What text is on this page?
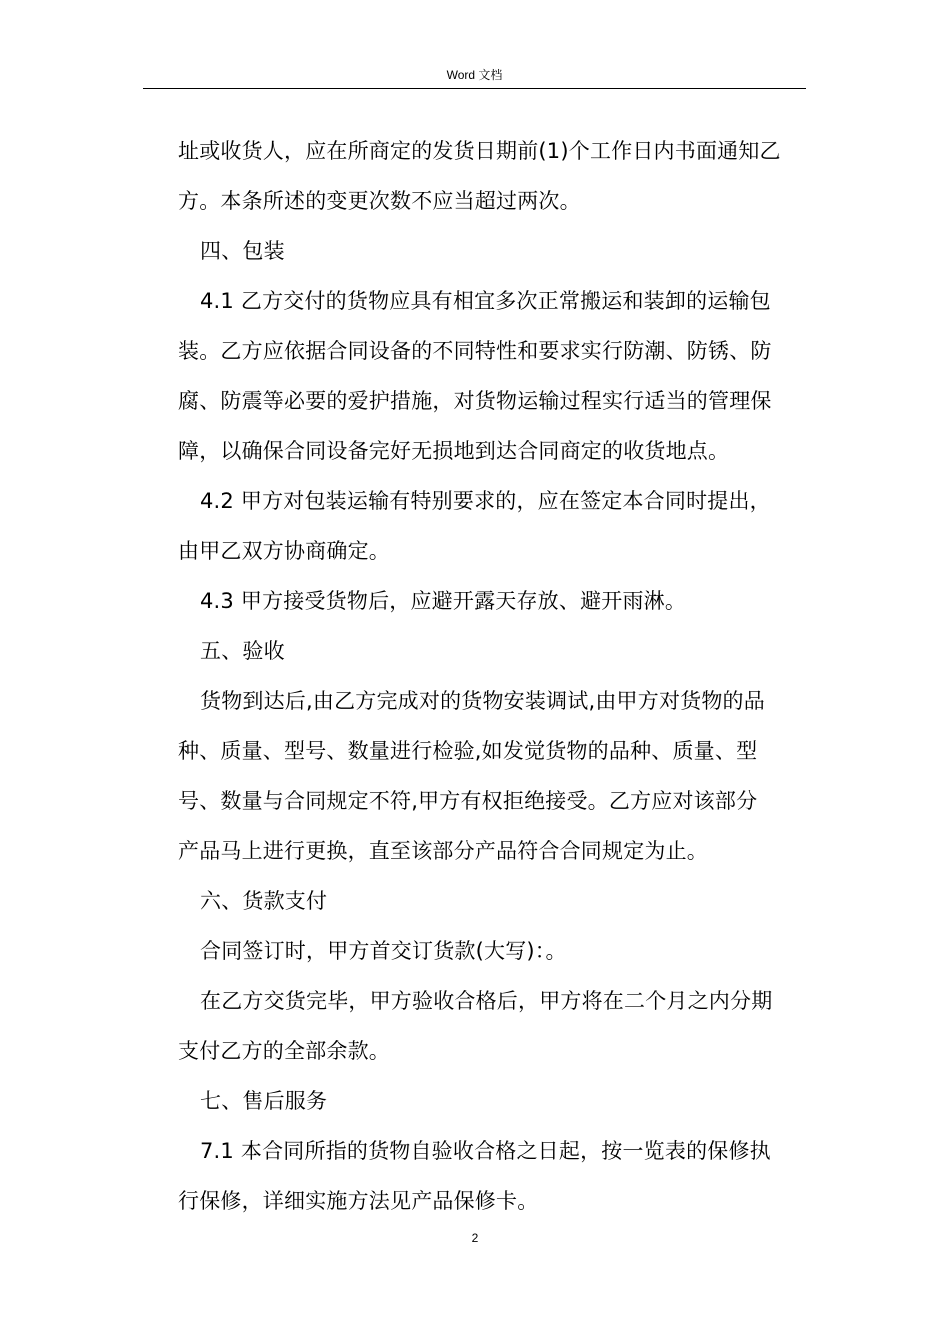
Word 文档
址或收货人，应在所商定的发货日期前(1)个工作日内书面通知乙
方。本条所述的变更次数不应当超过两次。
四、包装
4.1 乙方交付的货物应具有相宜多次正常搬运和装卸的运输包
装。乙方应依据合同设备的不同特性和要求实行防潮、防锈、防
腐、防震等必要的爱护措施，对货物运输过程实行适当的管理保
障，以确保合同设备完好无损地到达合同商定的收货地点。
4.2 甲方对包装运输有特别要求的，应在签定本合同时提出，
由甲乙双方协商确定。
4.3 甲方接受货物后，应避开露天存放、避开雨淋。
五、验收
货物到达后,由乙方完成对的货物安装调试,由甲方对货物的品
种、质量、型号、数量进行检验,如发觉货物的品种、质量、型
号、数量与合同规定不符,甲方有权拒绝接受。乙方应对该部分
产品马上进行更换，直至该部分产品符合合同规定为止。
六、货款支付
合同签订时，甲方首交订货款(大写)：。
在乙方交货完毕，甲方验收合格后，甲方将在二个月之内分期
支付乙方的全部余款。
七、售后服务
7.1 本合同所指的货物自验收合格之日起，按一览表的保修执
行保修，详细实施方法见产品保修卡。
2
